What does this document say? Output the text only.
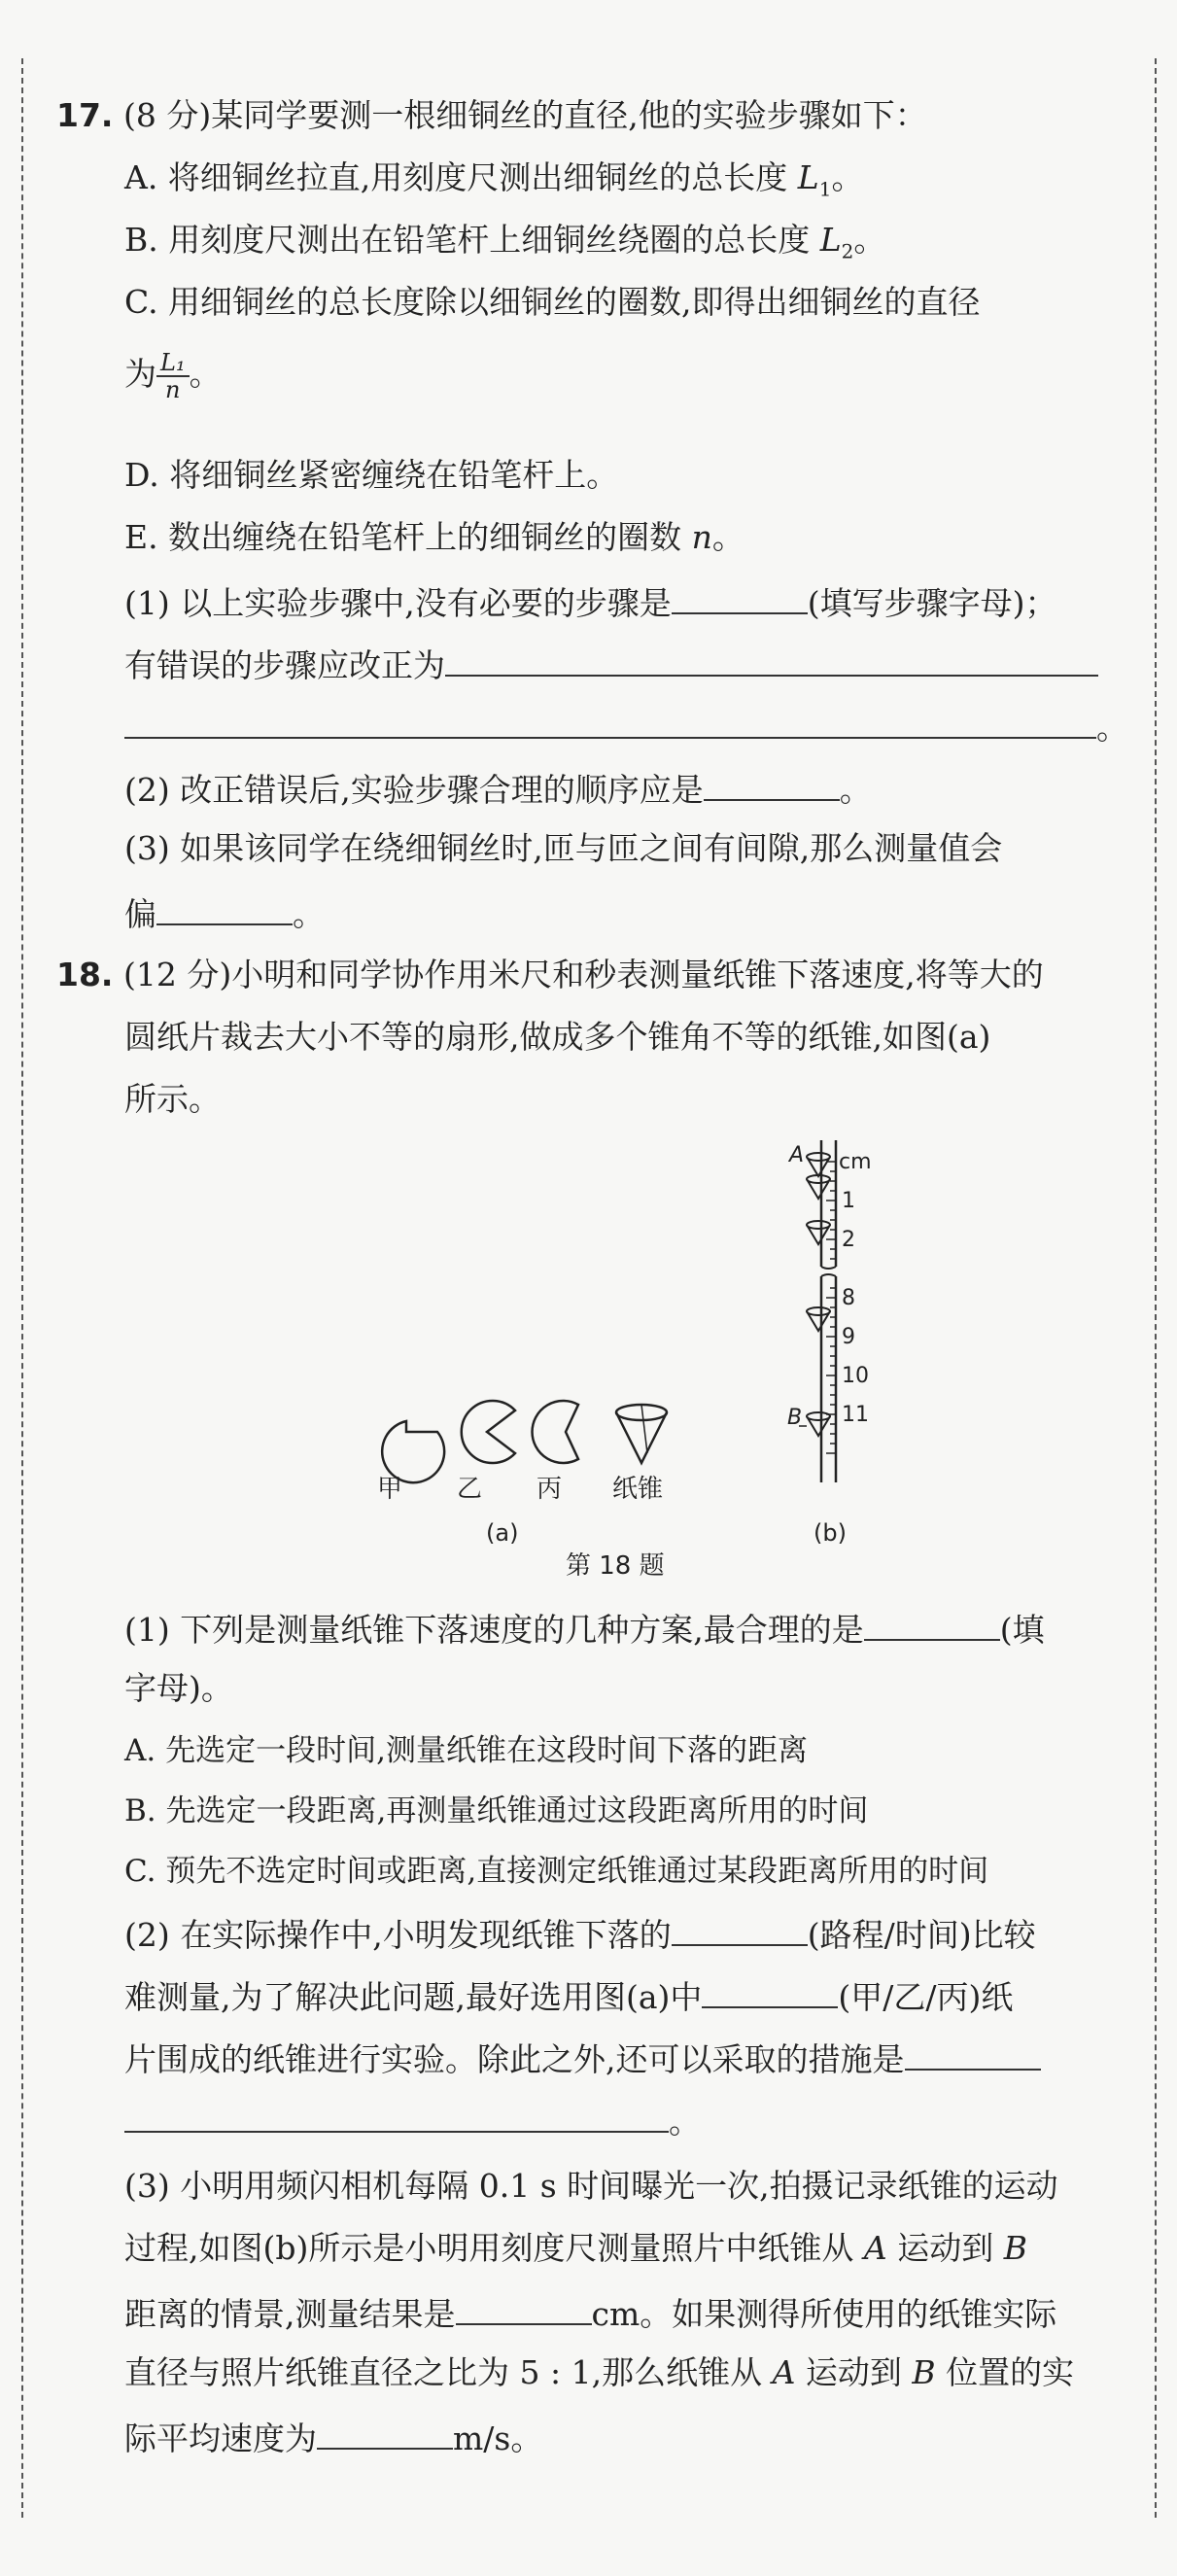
17. (8 分)某同学要测一根细铜丝的直径,他的实验步骤如下：
A. 将细铜丝拉直,用刻度尺测出细铜丝的总长度 $L_1$。
B. 用刻度尺测出在铅笔杆上细铜丝绕圈的总长度 $L_2$。
C. 用细铜丝的总长度除以细铜丝的圈数,即得出细铜丝的直径
为 $\frac{\text{L₁}}{n}$ 。
D. 将细铜丝紧密缠绕在铅笔杆上。
E. 数出缠绕在铅笔杆上的细铜丝的圈数 n。
(1) 以上实验步骤中,没有必要的步骤是	(填写步骤字母)；
有错误的步骤应改正为
。
(2) 改正错误后,实验步骤合理的顺序应是	。
(3) 如果该同学在绕细铜丝时,匝与匝之间有间隙,那么测量值会
偏	。
18. (12 分)小明和同学协作用米尺和秒表测量纸锥下落速度,将等大的
圆纸片裁去大小不等的扇形,做成多个锥角不等的纸锥,如图(a)
所示。
甲 乙 丙 纸锥
(a)
cm
1
2
8
9
10
11
A
B
(b)
第 18 题
(1) 下列是测量纸锥下落速度的几种方案,最合理的是	(填
字母)。
A. 先选定一段时间,测量纸锥在这段时间下落的距离
B. 先选定一段距离,再测量纸锥通过这段距离所用的时间
C. 预先不选定时间或距离,直接测定纸锥通过某段距离所用的时间
(2) 在实际操作中,小明发现纸锥下落的	(路程/时间)比较
难测量,为了解决此问题,最好选用图(a)中	(甲/乙/丙)纸
片围成的纸锥进行实验。除此之外,还可以采取的措施是
。
(3) 小明用频闪相机每隔 0.1 s 时间曝光一次,拍摄记录纸锥的运动
过程,如图(b)所示是小明用刻度尺测量照片中纸锥从 A 运动到 B
距离的情景,测量结果是	cm。如果测得所使用的纸锥实际
直径与照片纸锥直径之比为 5 : 1,那么纸锥从 A 运动到 B 位置的实
际平均速度为	m/s。
